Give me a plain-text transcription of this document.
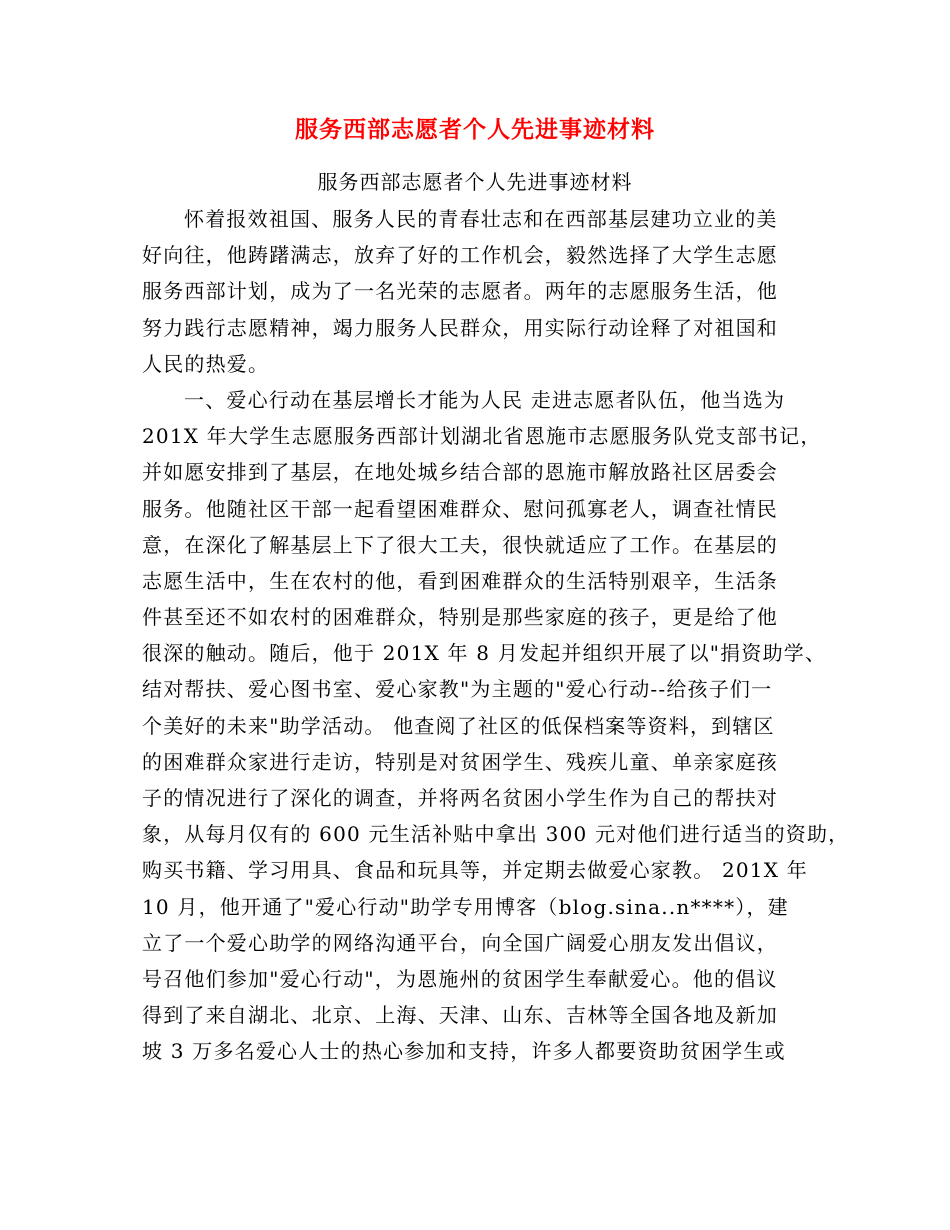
服务西部志愿者个人先进事迹材料
服务西部志愿者个人先进事迹材料
怀着报效祖国、服务人民的青春壮志和在西部基层建功立业的美
好向往，他踌躇满志，放弃了好的工作机会，毅然选择了大学生志愿
服务西部计划，成为了一名光荣的志愿者。两年的志愿服务生活，他
努力践行志愿精神，竭力服务人民群众，用实际行动诠释了对祖国和
人民的热爱。
一、爱心行动在基层增长才能为人民 走进志愿者队伍，他当选为
201X 年大学生志愿服务西部计划湖北省恩施市志愿服务队党支部书记，
并如愿安排到了基层，在地处城乡结合部的恩施市解放路社区居委会
服务。他随社区干部一起看望困难群众、慰问孤寡老人，调查社情民
意，在深化了解基层上下了很大工夫，很快就适应了工作。在基层的
志愿生活中，生在农村的他，看到困难群众的生活特别艰辛，生活条
件甚至还不如农村的困难群众，特别是那些家庭的孩子，更是给了他
很深的触动。随后，他于 201X 年 8 月发起并组织开展了以"捐资助学、
结对帮扶、爱心图书室、爱心家教"为主题的"爱心行动--给孩子们一
个美好的未来"助学活动。 他查阅了社区的低保档案等资料，到辖区
的困难群众家进行走访，特别是对贫困学生、残疾儿童、单亲家庭孩
子的情况进行了深化的调查，并将两名贫困小学生作为自己的帮扶对
象，从每月仅有的 600 元生活补贴中拿出 300 元对他们进行适当的资助，
购买书籍、学习用具、食品和玩具等，并定期去做爱心家教。 201X 年
10 月，他开通了"爱心行动"助学专用博客（blog.sina..n****），建
立了一个爱心助学的网络沟通平台，向全国广阔爱心朋友发出倡议，
号召他们参加"爱心行动"，为恩施州的贫困学生奉献爱心。他的倡议
得到了来自湖北、北京、上海、天津、山东、吉林等全国各地及新加
坡 3 万多名爱心人士的热心参加和支持，许多人都要资助贫困学生或
